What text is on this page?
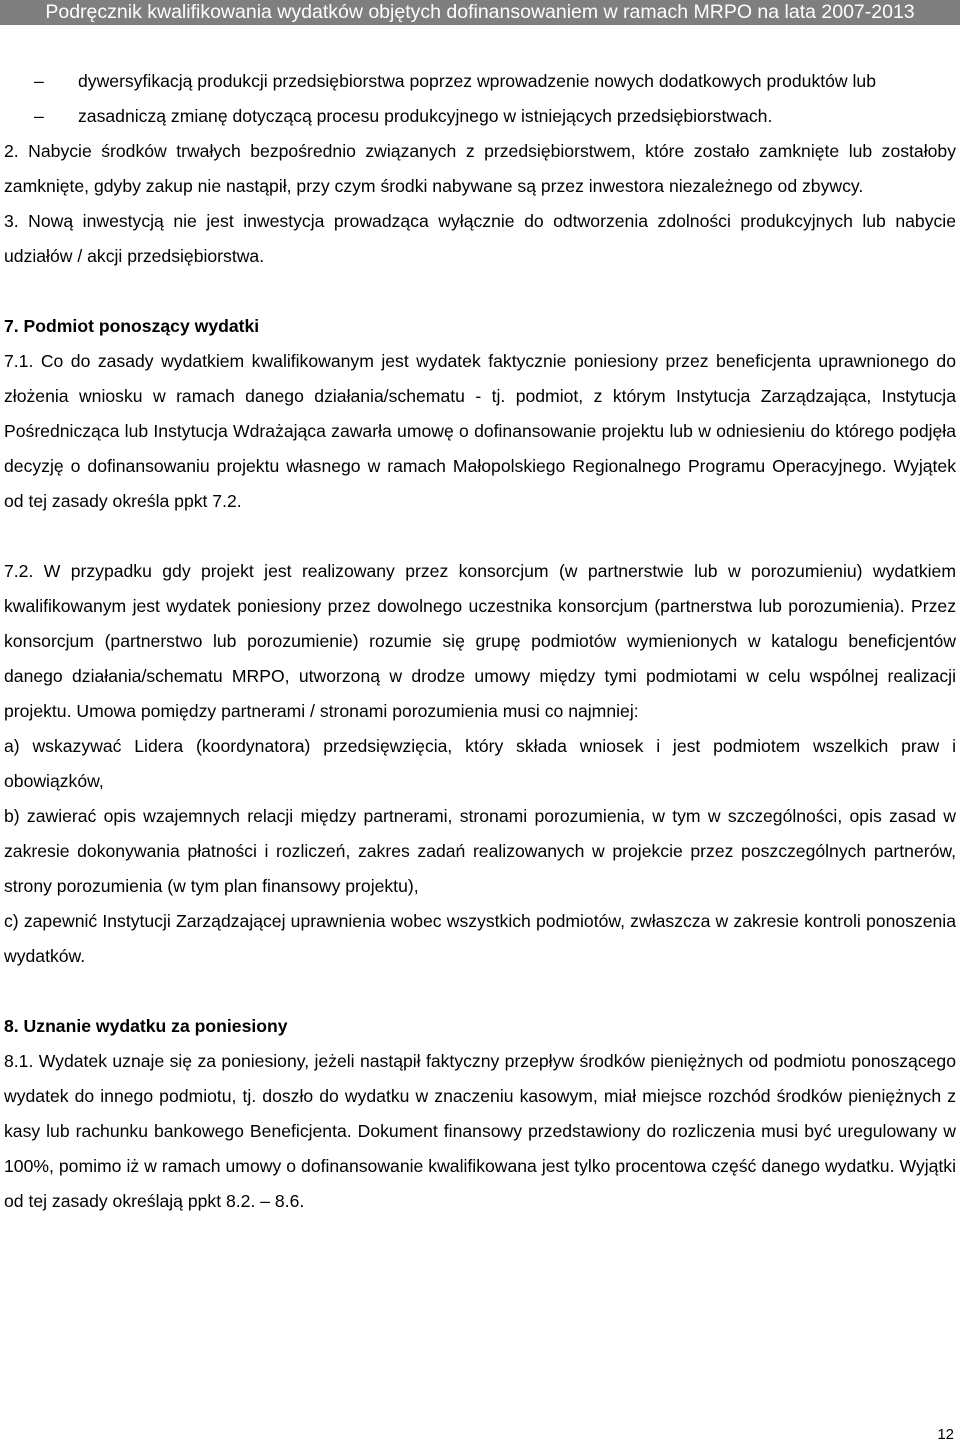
Podręcznik kwalifikowania wydatków objętych dofinansowaniem w ramach MRPO na lata 2007-2013

– dywersyfikacją produkcji przedsiębiorstwa poprzez wprowadzenie nowych dodatkowych produktów lub

– zasadniczą zmianę dotyczącą procesu produkcyjnego w istniejących przedsiębiorstwach.

2. Nabycie środków trwałych bezpośrednio związanych z przedsiębiorstwem, które zostało zamknięte lub zostałoby zamknięte, gdyby zakup nie nastąpił, przy czym środki nabywane są przez inwestora niezależnego od zbywcy.

3. Nową inwestycją nie jest inwestycja prowadząca wyłącznie do odtworzenia zdolności produkcyjnych lub nabycie udziałów / akcji przedsiębiorstwa.

7. Podmiot ponoszący wydatki

7.1. Co do zasady wydatkiem kwalifikowanym jest wydatek faktycznie poniesiony przez beneficjenta uprawnionego do złożenia wniosku w ramach danego działania/schematu - tj. podmiot, z którym Instytucja Zarządzająca, Instytucja Pośrednicząca lub Instytucja Wdrażająca zawarła umowę o dofinansowanie projektu lub w odniesieniu do którego podjęła decyzję o dofinansowaniu projektu własnego w ramach Małopolskiego Regionalnego Programu Operacyjnego. Wyjątek od tej zasady określa ppkt 7.2.

7.2. W przypadku gdy projekt jest realizowany przez konsorcjum (w partnerstwie lub w porozumieniu) wydatkiem kwalifikowanym jest wydatek poniesiony przez dowolnego uczestnika konsorcjum (partnerstwa lub porozumienia). Przez konsorcjum (partnerstwo lub porozumienie) rozumie się grupę podmiotów wymienionych w katalogu beneficjentów danego działania/schematu MRPO, utworzoną w drodze umowy między tymi podmiotami w celu wspólnej realizacji projektu. Umowa pomiędzy partnerami / stronami porozumienia musi co najmniej:

a) wskazywać Lidera (koordynatora) przedsięwzięcia, który składa wniosek i jest podmiotem wszelkich praw i obowiązków,

b) zawierać opis wzajemnych relacji między partnerami, stronami porozumienia, w tym w szczególności, opis zasad w zakresie dokonywania płatności i rozliczeń, zakres zadań realizowanych w projekcie przez poszczególnych partnerów, strony porozumienia (w tym plan finansowy projektu),

c) zapewnić Instytucji Zarządzającej uprawnienia wobec wszystkich podmiotów, zwłaszcza w zakresie kontroli ponoszenia wydatków.

8. Uznanie wydatku za poniesiony

8.1. Wydatek uznaje się za poniesiony, jeżeli nastąpił faktyczny przepływ środków pieniężnych od podmiotu ponoszącego wydatek do innego podmiotu, tj. doszło do wydatku w znaczeniu kasowym, miał miejsce rozchód środków pieniężnych z kasy lub rachunku bankowego Beneficjenta. Dokument finansowy przedstawiony do rozliczenia musi być uregulowany w 100%, pomimo iż w ramach umowy o dofinansowanie kwalifikowana jest tylko procentowa część danego wydatku. Wyjątki od tej zasady określają ppkt 8.2. – 8.6.

12
